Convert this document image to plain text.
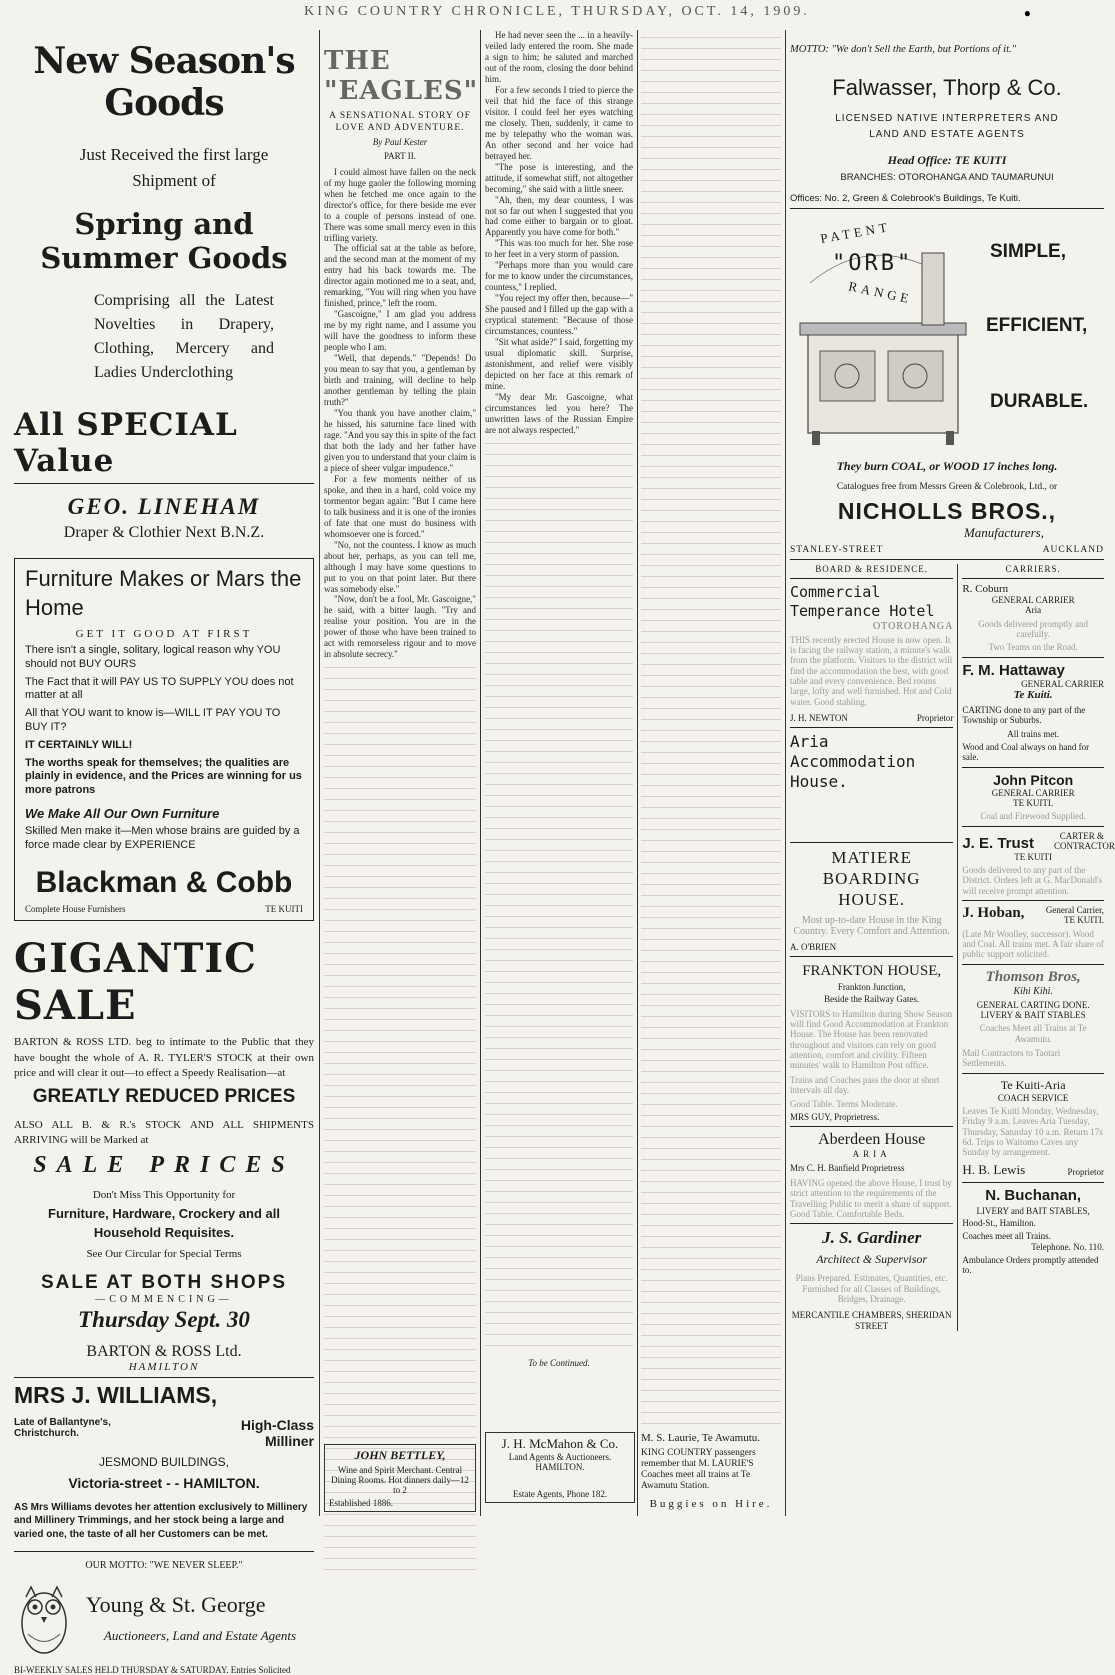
KING COUNTRY CHRONICLE, THURSDAY, OCT. 14, 1909.	●
New Season's Goods
Just Received the first large Shipment of
Spring and Summer Goods
Comprising all the Latest Novelties in Drapery, Clothing, Mercery and Ladies Underclothing
All SPECIAL Value
GEO. LINEHAM
Draper & Clothier Next B.N.Z.
Furniture Makes or Mars the Home
GET IT GOOD AT FIRST
There isn't a single, solitary, logical reason why YOU should not BUY OURS
The Fact that it will PAY US TO SUPPLY YOU does not matter at all
All that YOU want to know is—WILL IT PAY YOU TO BUY IT?
IT CERTAINLY WILL!
The worths speak for themselves; the qualities are plainly in evidence, and the Prices are winning for us more patrons
We Make All Our Own Furniture
Skilled Men make it—Men whose brains are guided by a force made clear by EXPERIENCE
Blackman & Cobb
Complete House Furnishers	TE KUITI
GIGANTIC SALE
BARTON & ROSS LTD. beg to intimate to the Public that they have bought the whole of A. R. TYLER'S STOCK at their own price and will clear it out—to effect a Speedy Realisation—at
GREATLY REDUCED PRICES
ALSO ALL B. & R.'s STOCK AND ALL SHIPMENTS ARRIVING will be Marked at
SALE PRICES
Don't Miss This Opportunity for
Furniture, Hardware, Crockery and all Household Requisites.
See Our Circular for Special Terms
SALE AT BOTH SHOPS
—COMMENCING—
Thursday Sept. 30
BARTON & ROSS Ltd.
HAMILTON
MRS J. WILLIAMS,
Late of Ballantyne's, Christchurch.
High-Class Milliner
JESMOND BUILDINGS,
Victoria-street - - HAMILTON.
AS Mrs Williams devotes her attention exclusively to Millinery and Millinery Trimmings, and her stock being a large and varied one, the taste of all her Customers can be met.
OUR MOTTO: "WE NEVER SLEEP."
Young & St. George
Auctioneers, Land and Estate Agents
BI-WEEKLY SALES HELD THURSDAY & SATURDAY. Entries Solicited
THE "EAGLES"
A SENSATIONAL STORY OF LOVE AND ADVENTURE.
By Paul Kester
PART II.

I could almost have fallen on the neck of my huge gaoler the following morning when he fetched me once again to the director's office, for there beside me ever to a couple of persons instead of one. There was some small mercy even in this trifling variety.

The official sat at the table as before, and the second man at the moment of my entry had his back towards me. The director again motioned me to a seat, and, remarking, "You will ring when you have finished, prince," left the room.

"Gascoigne," I am glad you address me by my right name, and I assume you will have the goodness to inform these people who I am.

"Well, that depends." "Depends! Do you mean to say that you, a gentleman by birth and training, will decline to help another gentleman by telling the plain truth?"

"You thank you have another claim," he hissed, his saturnine face lined with rage. "And you say this in spite of the fact that both the lady and her father have given you to understand that your claim is a piece of sheer vulgar impudence."

For a few moments neither of us spoke, and then in a hard, cold voice my tormentor began again: "But I came here to talk business and it is one of the ironies of fate that one must do business with whomsoever one is forced."

"No, not the countess. I know as much about her, perhaps, as you can tell me, although I may have some questions to put to you on that point later. But there was somebody else."

"Now, don't be a fool, Mr. Gascoigne," he said, with a bitter laugh. "Try and realise your position. You are in the power of those who have been trained to act with remorseless rigour and to move in absolute secrecy."

JOHN BETTLEY,
Wine and Spirit Merchant. Central Dining Rooms. Hot dinners daily—12 to 2
Established 1886.

He had never seen the ... in a heavily-veiled lady entered the room. She made a sign to him; he saluted and marched out of the room, closing the door behind him.

For a few seconds I tried to pierce the veil that hid the face of this strange visitor. I could feel her eyes watching me closely. Then, suddenly, it came to me by telepathy who the woman was. An other second and her voice had betrayed her.

"The pose is interesting, and the attitude, if somewhat stiff, not altogether becoming," she said with a little sneer.

"Ah, then, my dear countess, I was not so far out when I suggested that you had come either to bargain or to gloat. Apparently you have come for both."

"This was too much for her. She rose to her feet in a very storm of passion.

"Perhaps more than you would care for me to know under the circumstances, countess," I replied.

"You reject my offer then, because—" She paused and I filled up the gap with a cryptical statement: "Because of those circumstances, countess."

"Sit what aside?" I said, forgetting my usual diplomatic skill. Surprise, astonishment, and relief were visibly depicted on her face at this remark of mine.

"My dear Mr. Gascoigne, what circumstances led you here? The unwritten laws of the Russian Empire are not always respected."

To be Continued.
J. H. McMahon & Co.
Land Agents & Auctioneers. HAMILTON.
Estate Agents, Phone 182.
M. S. Laurie, Te Awamutu.
KING COUNTRY passengers remember that M. LAURIE'S Coaches meet all trains at Te Awamutu Station.
Buggies on Hire.
MOTTO: "We don't Sell the Earth, but Portions of it."
Falwasser, Thorp & Co.
LICENSED NATIVE INTERPRETERS AND LAND AND ESTATE AGENTS
Head Office: TE KUITI
BRANCHES: OTOROHANGA AND TAUMARUNUI
Offices: No. 2, Green & Colebrook's Buildings, Te Kuiti.
PATENT
"ORB"
RANGE
SIMPLE,
EFFICIENT,
DURABLE.
They burn COAL, or WOOD 17 inches long.
Catalogues free from Messrs Green & Colebrook, Ltd., or
NICHOLLS BROS.,
Manufacturers,
STANLEY-STREET	AUCKLAND
BOARD & RESIDENCE.
Commercial Temperance Hotel
OTOROHANGA
THIS recently erected House is now open. It is facing the railway station, a minute's walk from the platform. Visitors to the district will find the accommodation the best, with good table and every convenience. Bed rooms large, lofty and well furnished. Hot and Cold water. Good stabling.
J. H. NEWTON	Proprietor
Aria Accommodation House.
MATIERE BOARDING HOUSE.
Most up-to-date House in the King Country. Every Comfort and Attention.
A. O'BRIEN
FRANKTON HOUSE,
Frankton Junction,
Beside the Railway Gates.
VISITORS to Hamilton during Show Season will find Good Accommodation at Frankton House. The House has been renovated throughout and visitors can rely on good attention, comfort and civility. Fifteen minutes' walk to Hamilton Post office.
Trains and Coaches pass the door at short intervals all day.
Good Table. Terms Moderate.
MRS GUY, Proprietress.
Aberdeen House
ARIA
Mrs C. H. Banfield Proprietress
HAVING opened the above House, I trust by strict attention to the requirements of the Travelling Public to merit a share of support. Good Table. Comfortable Beds.
J. S. Gardiner
Architect & Supervisor
Plans Prepared. Estimates, Quantities, etc. Furnished for all Classes of Buildings, Bridges, Drainage.
MERCANTILE CHAMBERS, SHERIDAN STREET
CARRIERS.
R. Coburn
GENERAL CARRIER
Aria
Goods delivered promptly and carefully.
Two Teams on the Road.
F. M. Hattaway
GENERAL CARRIER
Te Kuiti.
CARTING done to any part of the Township or Suburbs.
All trains met.
Wood and Coal always on hand for sale.
John Pitcon
GENERAL CARRIER
TE KUITI.
Coal and Firewood Supplied.
J. E. Trust	CARTER & CONTRACTOR
TE KUITI
Goods delivered to any part of the District. Orders left at G. MacDonald's will receive prompt attention.
J. Hoban,	General Carrier, TE KUITI.
(Late Mr Woolley, successor). Wood and Coal. All trains met. A fair share of public support solicited.
Thomson Bros,
Kihi Kihi.
GENERAL CARTING DONE. LIVERY & BAIT STABLES
Coaches Meet all Trains at Te Awamutu.
Mail Contractors to Taotari Settlements.
Te Kuiti-Aria
COACH SERVICE
Leaves Te Kuiti Monday, Wednesday, Friday 9 a.m. Leaves Aria Tuesday, Thursday, Saturday 10 a.m. Return 17s 6d. Trips to Waitomo Caves any Sunday by arrangement.
H. B. Lewis	Proprietor
N. Buchanan,
LIVERY and BAIT STABLES,
Hood-St., Hamilton.
Coaches meet all Trains.
Telephone. No. 110.
Ambulance Orders promptly attended to.
